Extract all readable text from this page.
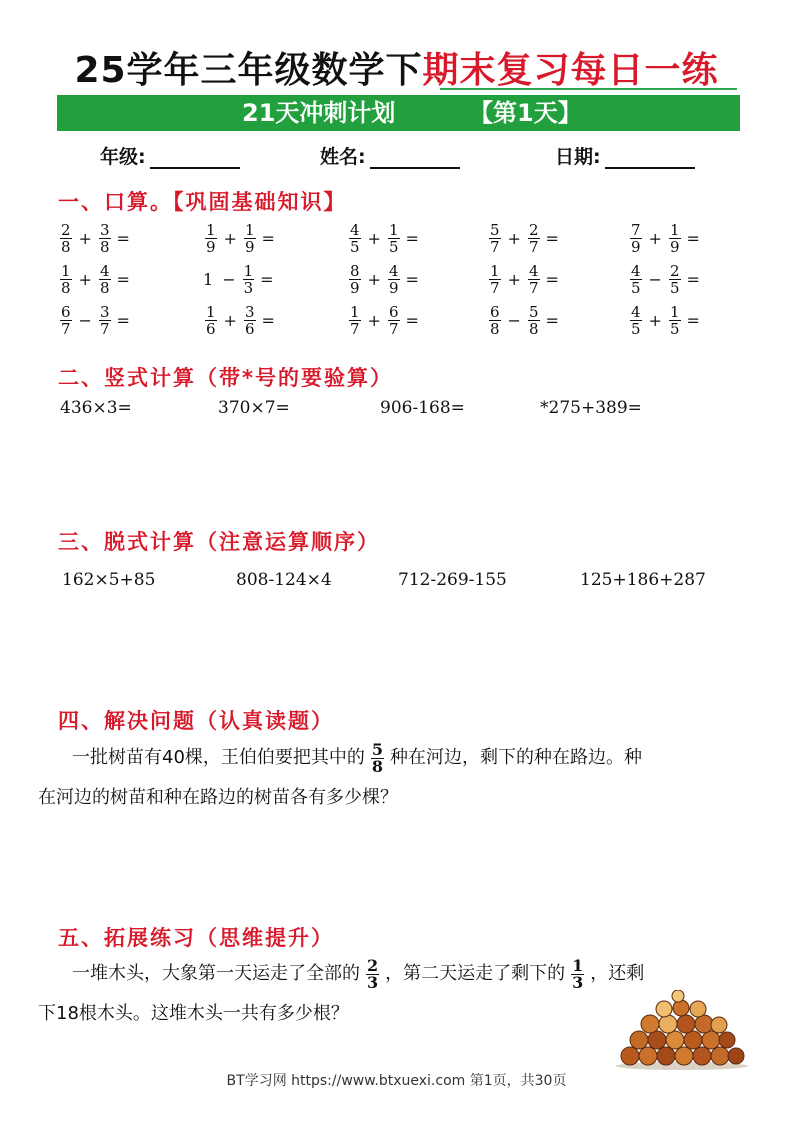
25学年三年级数学下期末复习每日一练
21天冲刺计划	【第1天】
年级:	姓名:	日期:
一、口算。【巩固基础知识】
$\frac{2}{8} + \frac{3}{8}$ =	$\frac{1}{9} + \frac{1}{9}$ =	$\frac{4}{5} + \frac{1}{5}$ =	$\frac{5}{7} + \frac{2}{7}$ =	$\frac{7}{9} + \frac{1}{9}$ =
$\frac{1}{8} + \frac{4}{8}$ =	$1 - \frac{1}{3}$ =	$\frac{8}{9} + \frac{4}{9}$ =	$\frac{1}{7} + \frac{4}{7}$ =	$\frac{4}{5} - \frac{2}{5}$ =
$\frac{6}{7} - \frac{3}{7}$ =	$\frac{1}{6} + \frac{3}{6}$ =	$\frac{1}{7} + \frac{6}{7}$ =	$\frac{6}{8} - \frac{5}{8}$ =	$\frac{4}{5} + \frac{1}{5}$ =
二、竖式计算（带*号的要验算）
436×3=	370×7=	906-168=	*275+389=
三、脱式计算（注意运算顺序）
162×5+85	808-124×4	712-269-155	125+186+287
四、解决问题（认真读题）
一批树苗有40棵，王伯伯要把其中的 $\frac{5}{8}$ 种在河边，剩下的种在路边。种
在河边的树苗和种在路边的树苗各有多少棵？
五、拓展练习（思维提升）
一堆木头，大象第一天运走了全部的 $\frac{2}{3}$ ，第二天运走了剩下的 $\frac{1}{3}$ ，还剩
下18根木头。这堆木头一共有多少根？
BT学习网 https://www.btxuexi.com 第1页，共30页
